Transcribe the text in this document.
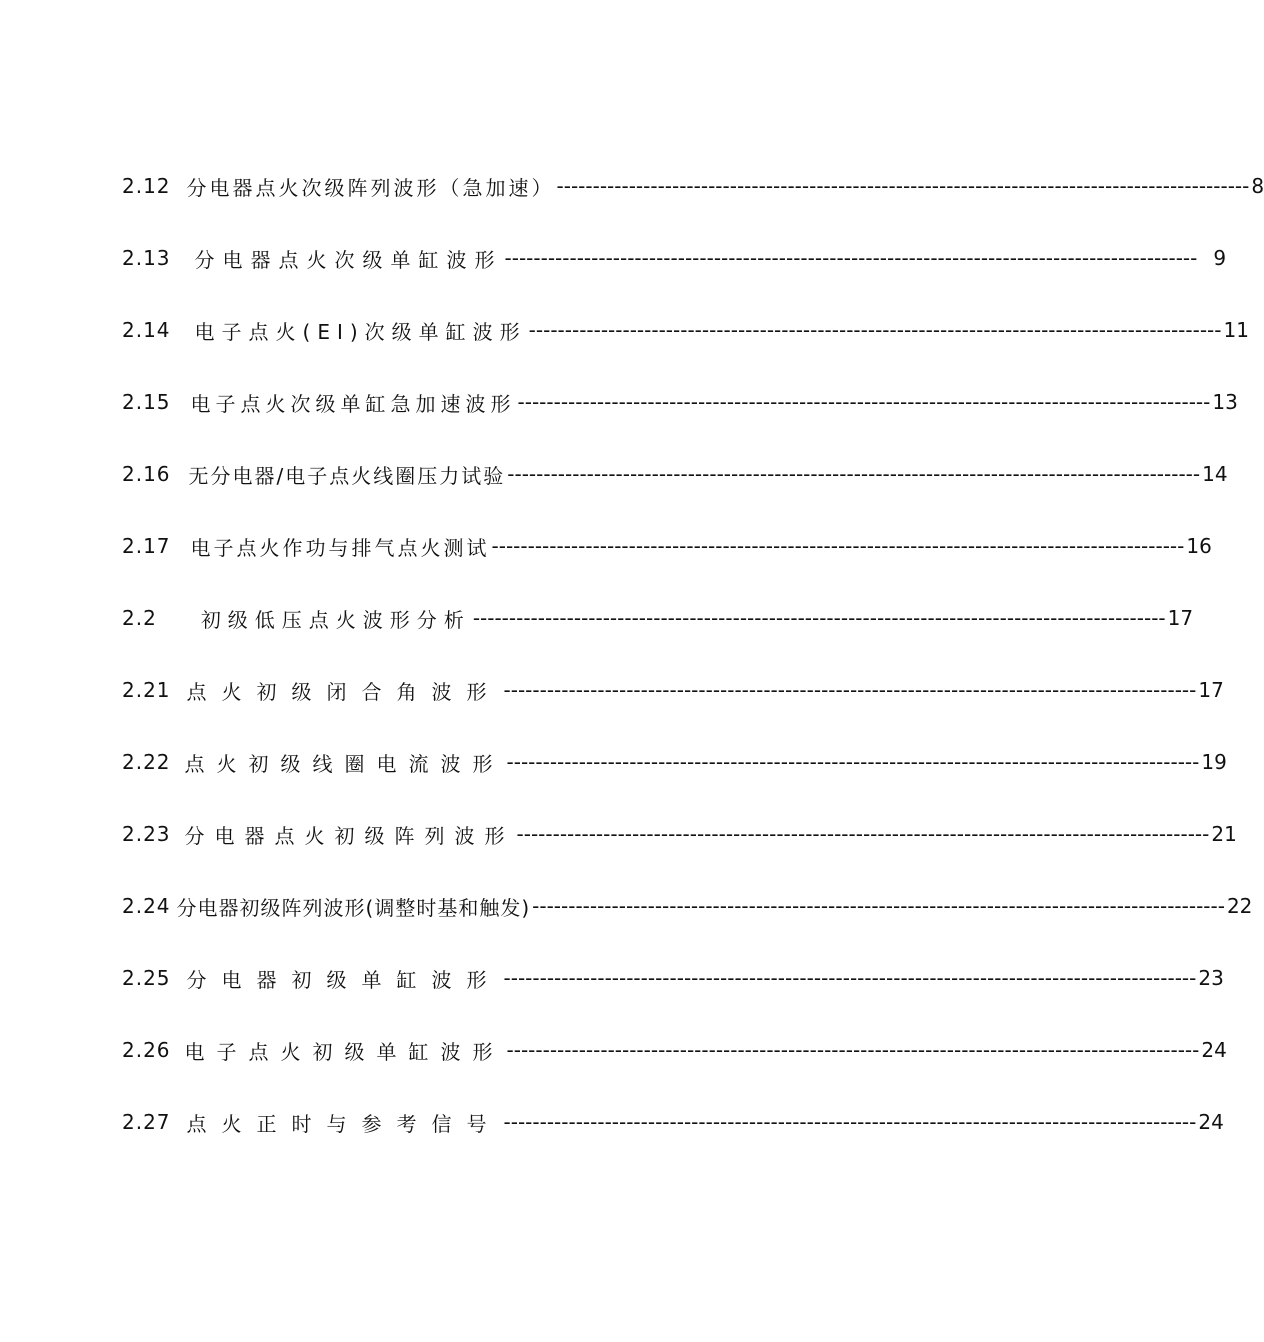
2.12 分电器点火次级阵列波形（急加速） ------------------------------------------------------------------------------------------------ 8
2.13 分电器点火次级单缸波形 ------------------------------------------------------------------------------------------------ 9
2.14 电子点火(EI)次级单缸波形 ------------------------------------------------------------------------------------------------ 11
2.15 电子点火次级单缸急加速波形 ------------------------------------------------------------------------------------------------ 13
2.16 无分电器/电子点火线圈压力试验 ------------------------------------------------------------------------------------------------ 14
2.17 电子点火作功与排气点火测试 ------------------------------------------------------------------------------------------------ 16
2.2 初级低压点火波形分析 ------------------------------------------------------------------------------------------------ 17
2.21 点火初级闭合角波形 ------------------------------------------------------------------------------------------------ 17
2.22 点火初级线圈电流波形 ------------------------------------------------------------------------------------------------ 19
2.23 分电器点火初级阵列波形 ------------------------------------------------------------------------------------------------ 21
2.24 分电器初级阵列波形(调整时基和触发) ------------------------------------------------------------------------------------------------ 22
2.25 分电器初级单缸波形 ------------------------------------------------------------------------------------------------ 23
2.26 电子点火初级单缸波形 ------------------------------------------------------------------------------------------------ 24
2.27 点火正时与参考信号 ------------------------------------------------------------------------------------------------ 24
